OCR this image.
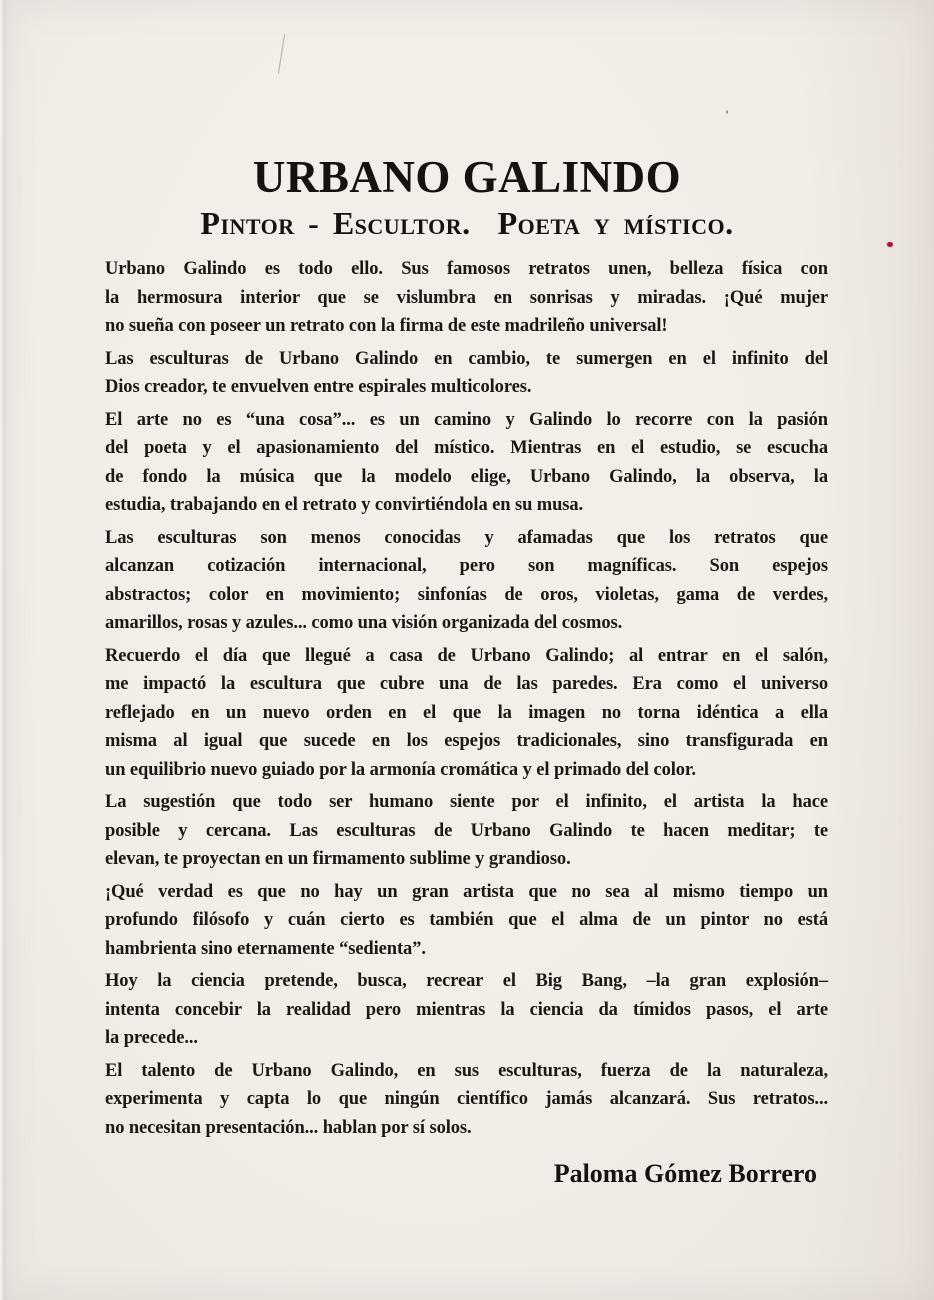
URBANO GALINDO
Pintor - Escultor.  Poeta y místico.
Urbano Galindo es todo ello. Sus famosos retratos unen, belleza física con
la hermosura interior que se vislumbra en sonrisas y miradas. ¡Qué mujer
no sueña con poseer un retrato con la firma de este madrileño universal!
Las esculturas de Urbano Galindo en cambio, te sumergen en el infinito del
Dios creador, te envuelven entre espirales multicolores.
El arte no es “una cosa”... es un camino y Galindo lo recorre con la pasión
del poeta y el apasionamiento del místico. Mientras en el estudio, se escucha
de fondo la música que la modelo elige, Urbano Galindo, la observa, la
estudia, trabajando en el retrato y convirtiéndola en su musa.
Las esculturas son menos conocidas y afamadas que los retratos que
alcanzan cotización internacional, pero son magníficas. Son espejos
abstractos; color en movimiento; sinfonías de oros, violetas, gama de verdes,
amarillos, rosas y azules... como una visión organizada del cosmos.
Recuerdo el día que llegué a casa de Urbano Galindo; al entrar en el salón,
me impactó la escultura que cubre una de las paredes. Era como el universo
reflejado en un nuevo orden en el que la imagen no torna idéntica a ella
misma al igual que sucede en los espejos tradicionales, sino transfigurada en
un equilibrio nuevo guiado por la armonía cromática y el primado del color.
La sugestión que todo ser humano siente por el infinito, el artista la hace
posible y cercana. Las esculturas de Urbano Galindo te hacen meditar; te
elevan, te proyectan en un firmamento sublime y grandioso.
¡Qué verdad es que no hay un gran artista que no sea al mismo tiempo un
profundo filósofo y cuán cierto es también que el alma de un pintor no está
hambrienta sino eternamente “sedienta”.
Hoy la ciencia pretende, busca, recrear el Big Bang, –la gran explosión–
intenta concebir la realidad pero mientras la ciencia da tímidos pasos, el arte
la precede...
El talento de Urbano Galindo, en sus esculturas, fuerza de la naturaleza,
experimenta y capta lo que ningún científico jamás alcanzará. Sus retratos...
no necesitan presentación... hablan por sí solos.
Paloma Gómez Borrero
